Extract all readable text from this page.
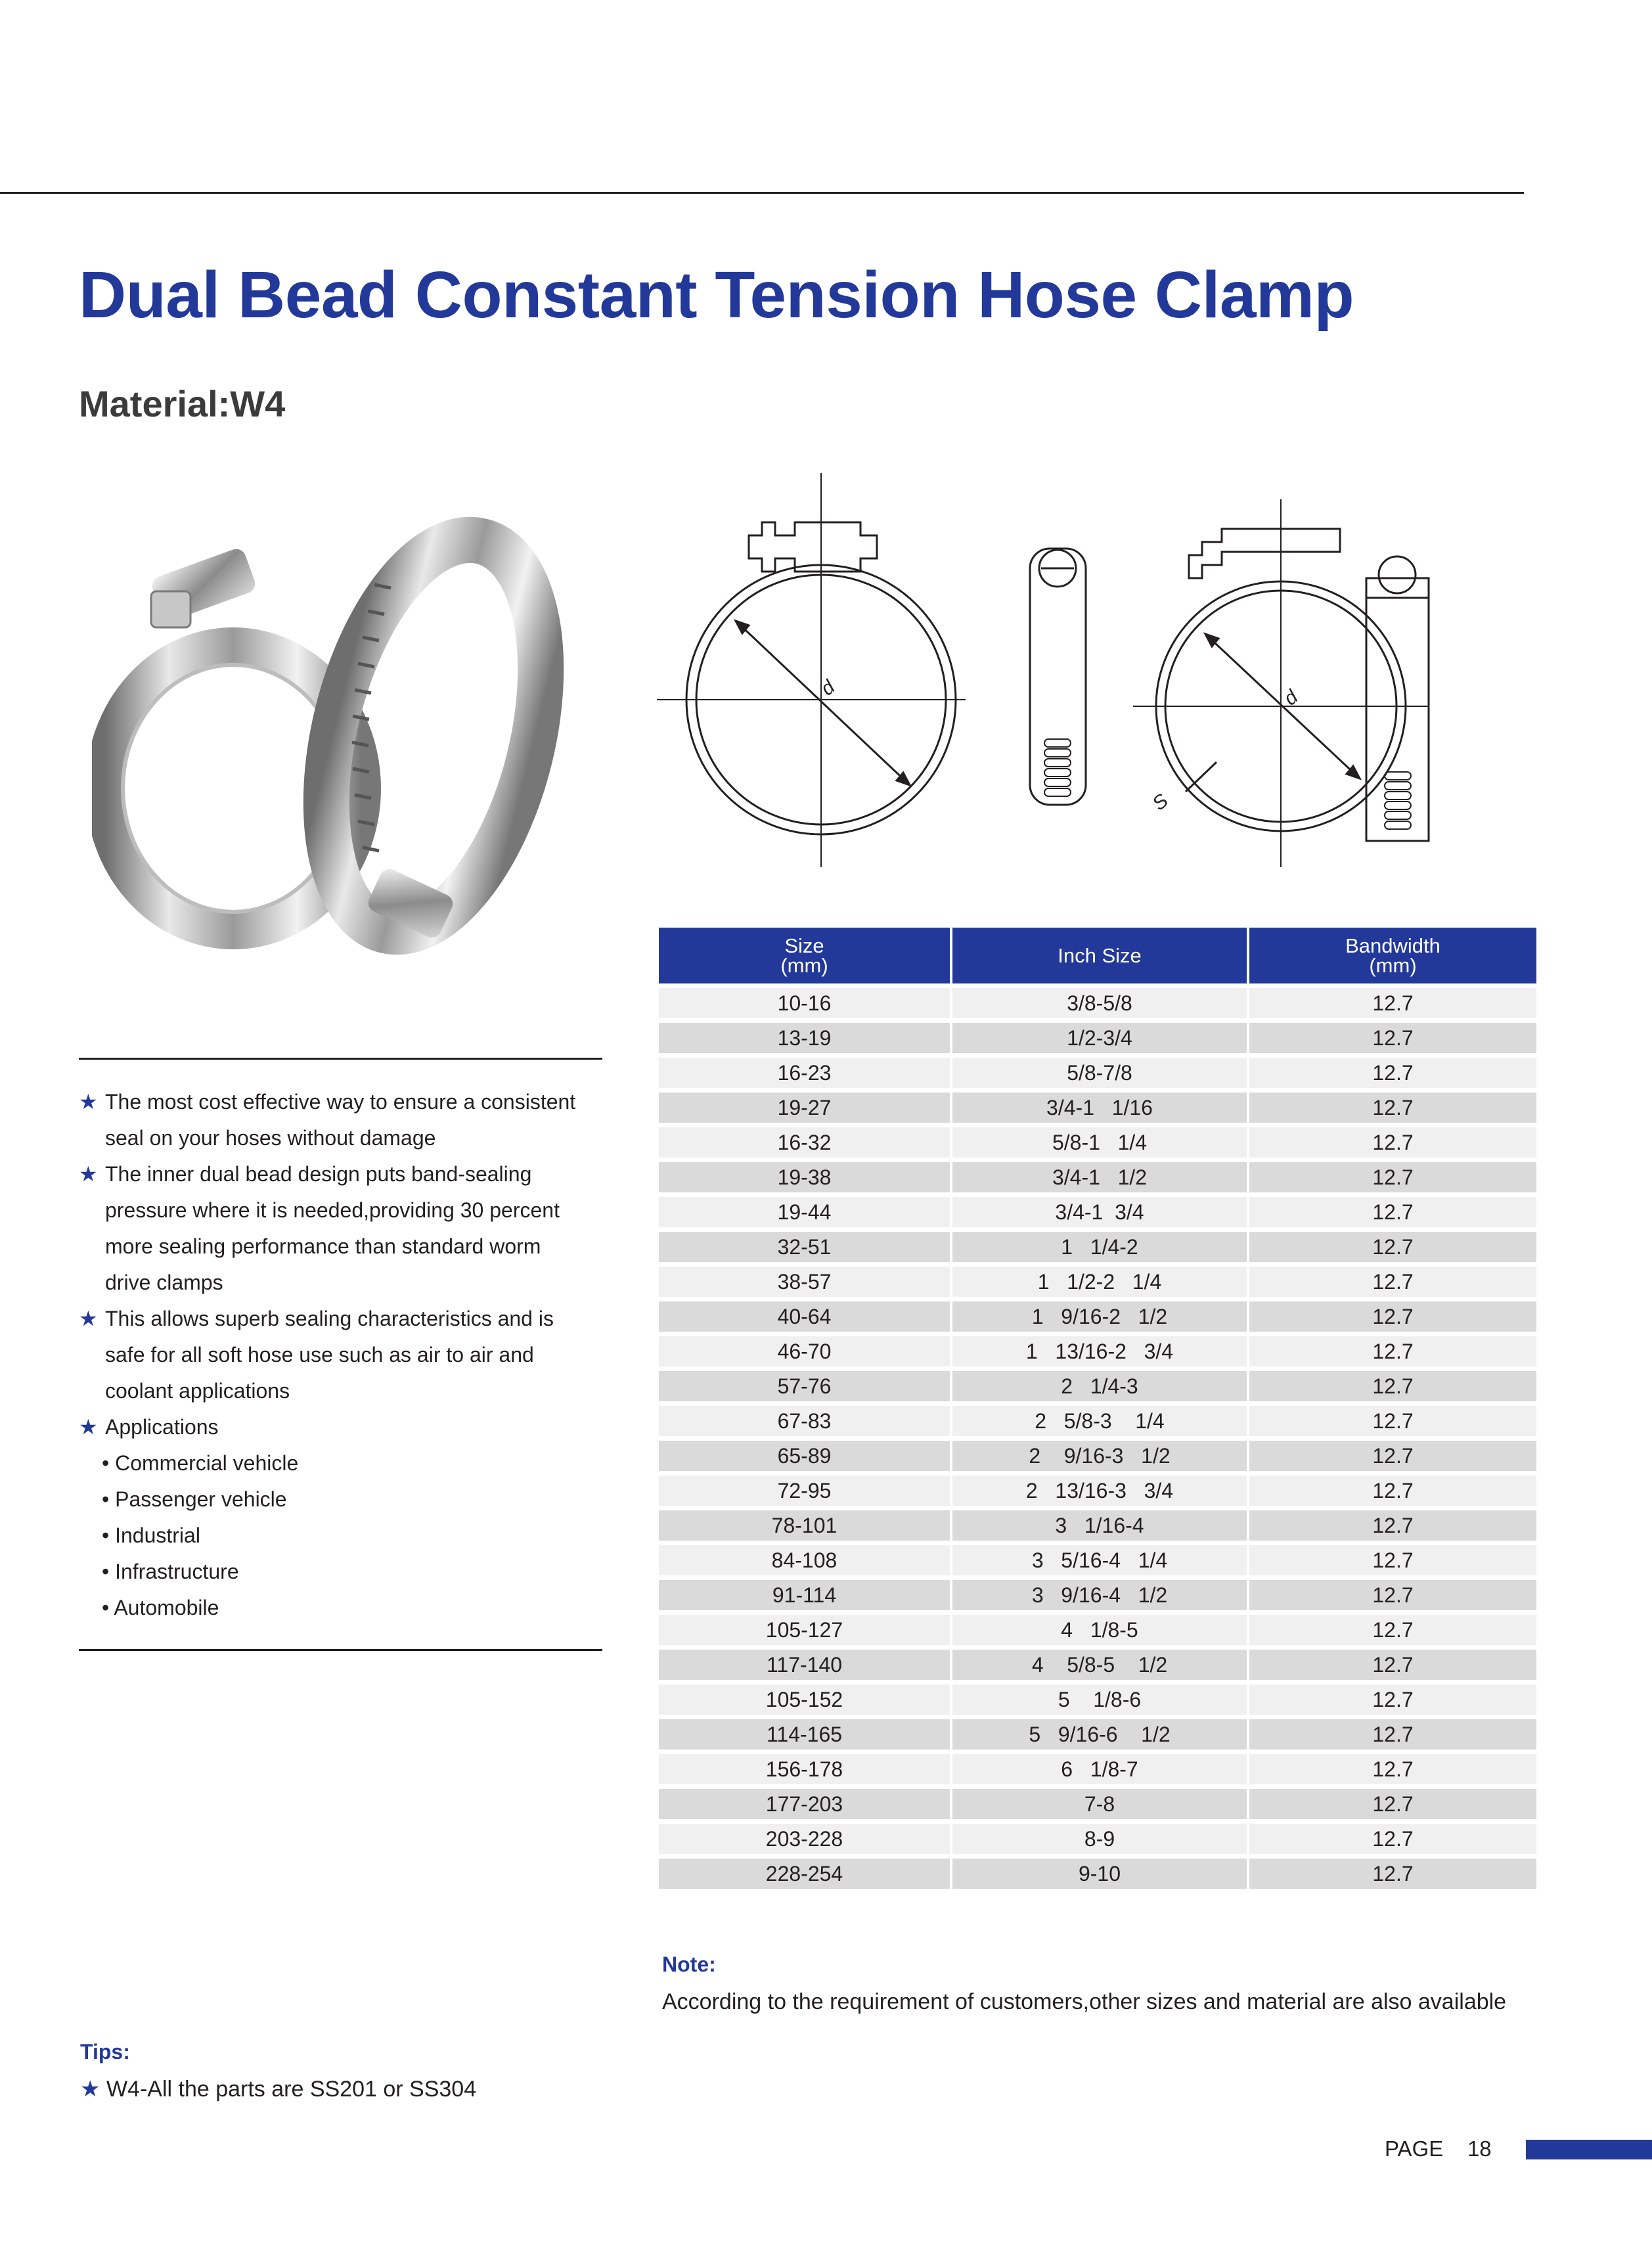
Dual Bead Constant Tension Hose Clamp
Material:W4
d	d
S
Size
(mm)	Inch Size	Bandwidth
(mm)
10-16	3/8-5/8	12.7
13-19	1/2-3/4	12.7
16-23	5/8-7/8	12.7
19-27	3/4-1   1/16	12.7
16-32	5/8-1   1/4	12.7
19-38	3/4-1   1/2	12.7
19-44	3/4-1  3/4	12.7
32-51	1   1/4-2	12.7
38-57	1   1/2-2   1/4	12.7
40-64	1   9/16-2   1/2	12.7
46-70	1   13/16-2   3/4	12.7
57-76	2   1/4-3	12.7
67-83	2   5/8-3    1/4	12.7
65-89	2    9/16-3   1/2	12.7
72-95	2   13/16-3   3/4	12.7
78-101	3   1/16-4	12.7
84-108	3   5/16-4   1/4	12.7
91-114	3   9/16-4   1/2	12.7
105-127	4   1/8-5	12.7
117-140	4    5/8-5    1/2	12.7
105-152	5    1/8-6	12.7
114-165	5   9/16-6    1/2	12.7
156-178	6   1/8-7	12.7
177-203	7-8	12.7
203-228	8-9	12.7
228-254	9-10	12.7
★ The most cost effective way to ensure a consistent
seal on your hoses without damage
★ The inner dual bead design puts band-sealing
pressure where it is needed,providing 30 percent
more sealing performance than standard worm
drive clamps
★ This allows superb sealing characteristics and is
safe for all soft hose use such as air to air and
coolant applications
★ Applications
• Commercial vehicle
• Passenger vehicle
• Industrial
• Infrastructure
• Automobile
Note:
According to the requirement of customers,other sizes and material are also available
Tips:
★ W4-All the parts are SS201 or SS304
PAGE 18
